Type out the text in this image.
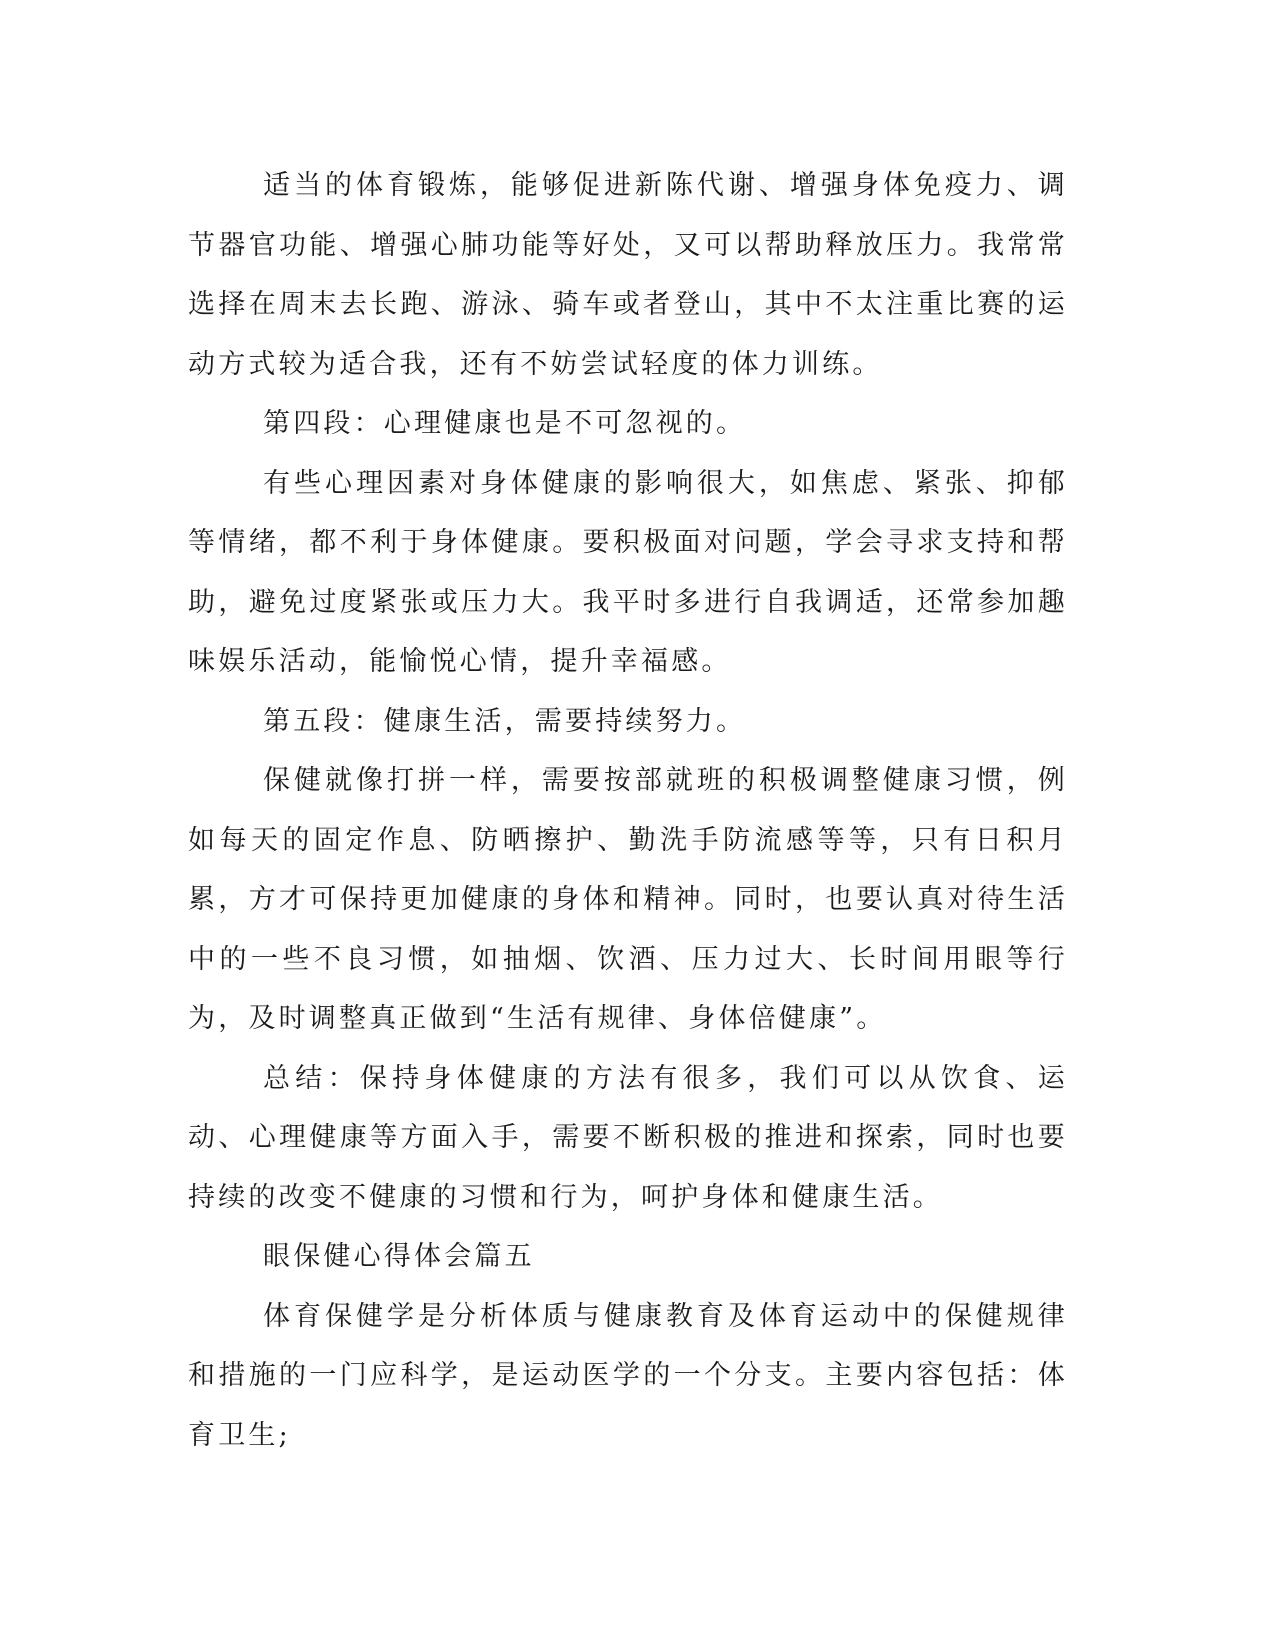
适当的体育锻炼，能够促进新陈代谢、增强身体免疫力、调节器官功能、增强心肺功能等好处，又可以帮助释放压力。我常常选择在周末去长跑、游泳、骑车或者登山，其中不太注重比赛的运动方式较为适合我，还有不妨尝试轻度的体力训练。

第四段：心理健康也是不可忽视的。

有些心理因素对身体健康的影响很大，如焦虑、紧张、抑郁等情绪，都不利于身体健康。要积极面对问题，学会寻求支持和帮助，避免过度紧张或压力大。我平时多进行自我调适，还常参加趣味娱乐活动，能愉悦心情，提升幸福感。

第五段：健康生活，需要持续努力。

保健就像打拼一样，需要按部就班的积极调整健康习惯，例如每天的固定作息、防晒擦护、勤洗手防流感等等，只有日积月累，方才可保持更加健康的身体和精神。同时，也要认真对待生活中的一些不良习惯，如抽烟、饮酒、压力过大、长时间用眼等行为，及时调整真正做到“生活有规律、身体倍健康”。

总结：保持身体健康的方法有很多，我们可以从饮食、运动、心理健康等方面入手，需要不断积极的推进和探索，同时也要持续的改变不健康的习惯和行为，呵护身体和健康生活。

眼保健心得体会篇五

体育保健学是分析体质与健康教育及体育运动中的保健规律和措施的一门应科学，是运动医学的一个分支。主要内容包括：体育卫生;
